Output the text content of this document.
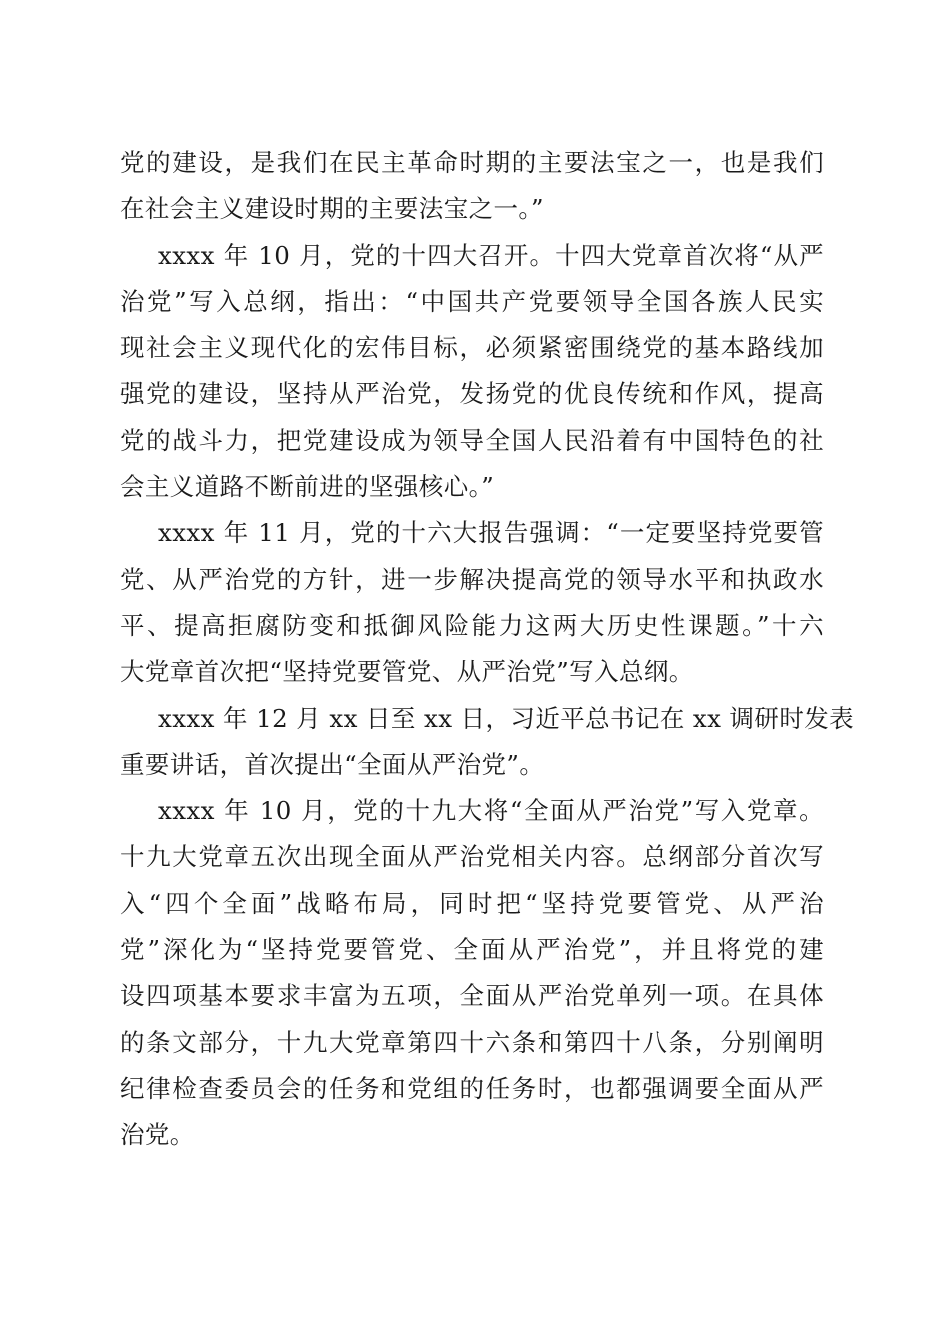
党的建设，是我们在民主革命时期的主要法宝之一，也是我们
在社会主义建设时期的主要法宝之一。”

xxxx 年 10 月，党的十四大召开。十四大党章首次将“从严
治党”写入总纲，指出：“中国共产党要领导全国各族人民实
现社会主义现代化的宏伟目标，必须紧密围绕党的基本路线加
强党的建设，坚持从严治党，发扬党的优良传统和作风，提高
党的战斗力，把党建设成为领导全国人民沿着有中国特色的社
会主义道路不断前进的坚强核心。”

xxxx 年 11 月，党的十六大报告强调：“一定要坚持党要管
党、从严治党的方针，进一步解决提高党的领导水平和执政水
平、提高拒腐防变和抵御风险能力这两大历史性课题。”十六
大党章首次把“坚持党要管党、从严治党”写入总纲。

xxxx 年 12 月 xx 日至 xx 日，习近平总书记在 xx 调研时发表
重要讲话，首次提出“全面从严治党”。

xxxx 年 10 月，党的十九大将“全面从严治党”写入党章。
十九大党章五次出现全面从严治党相关内容。总纲部分首次写
入“四个全面”战略布局，同时把“坚持党要管党、从严治
党”深化为“坚持党要管党、全面从严治党”，并且将党的建
设四项基本要求丰富为五项，全面从严治党单列一项。在具体
的条文部分，十九大党章第四十六条和第四十八条，分别阐明
纪律检查委员会的任务和党组的任务时，也都强调要全面从严
治党。
